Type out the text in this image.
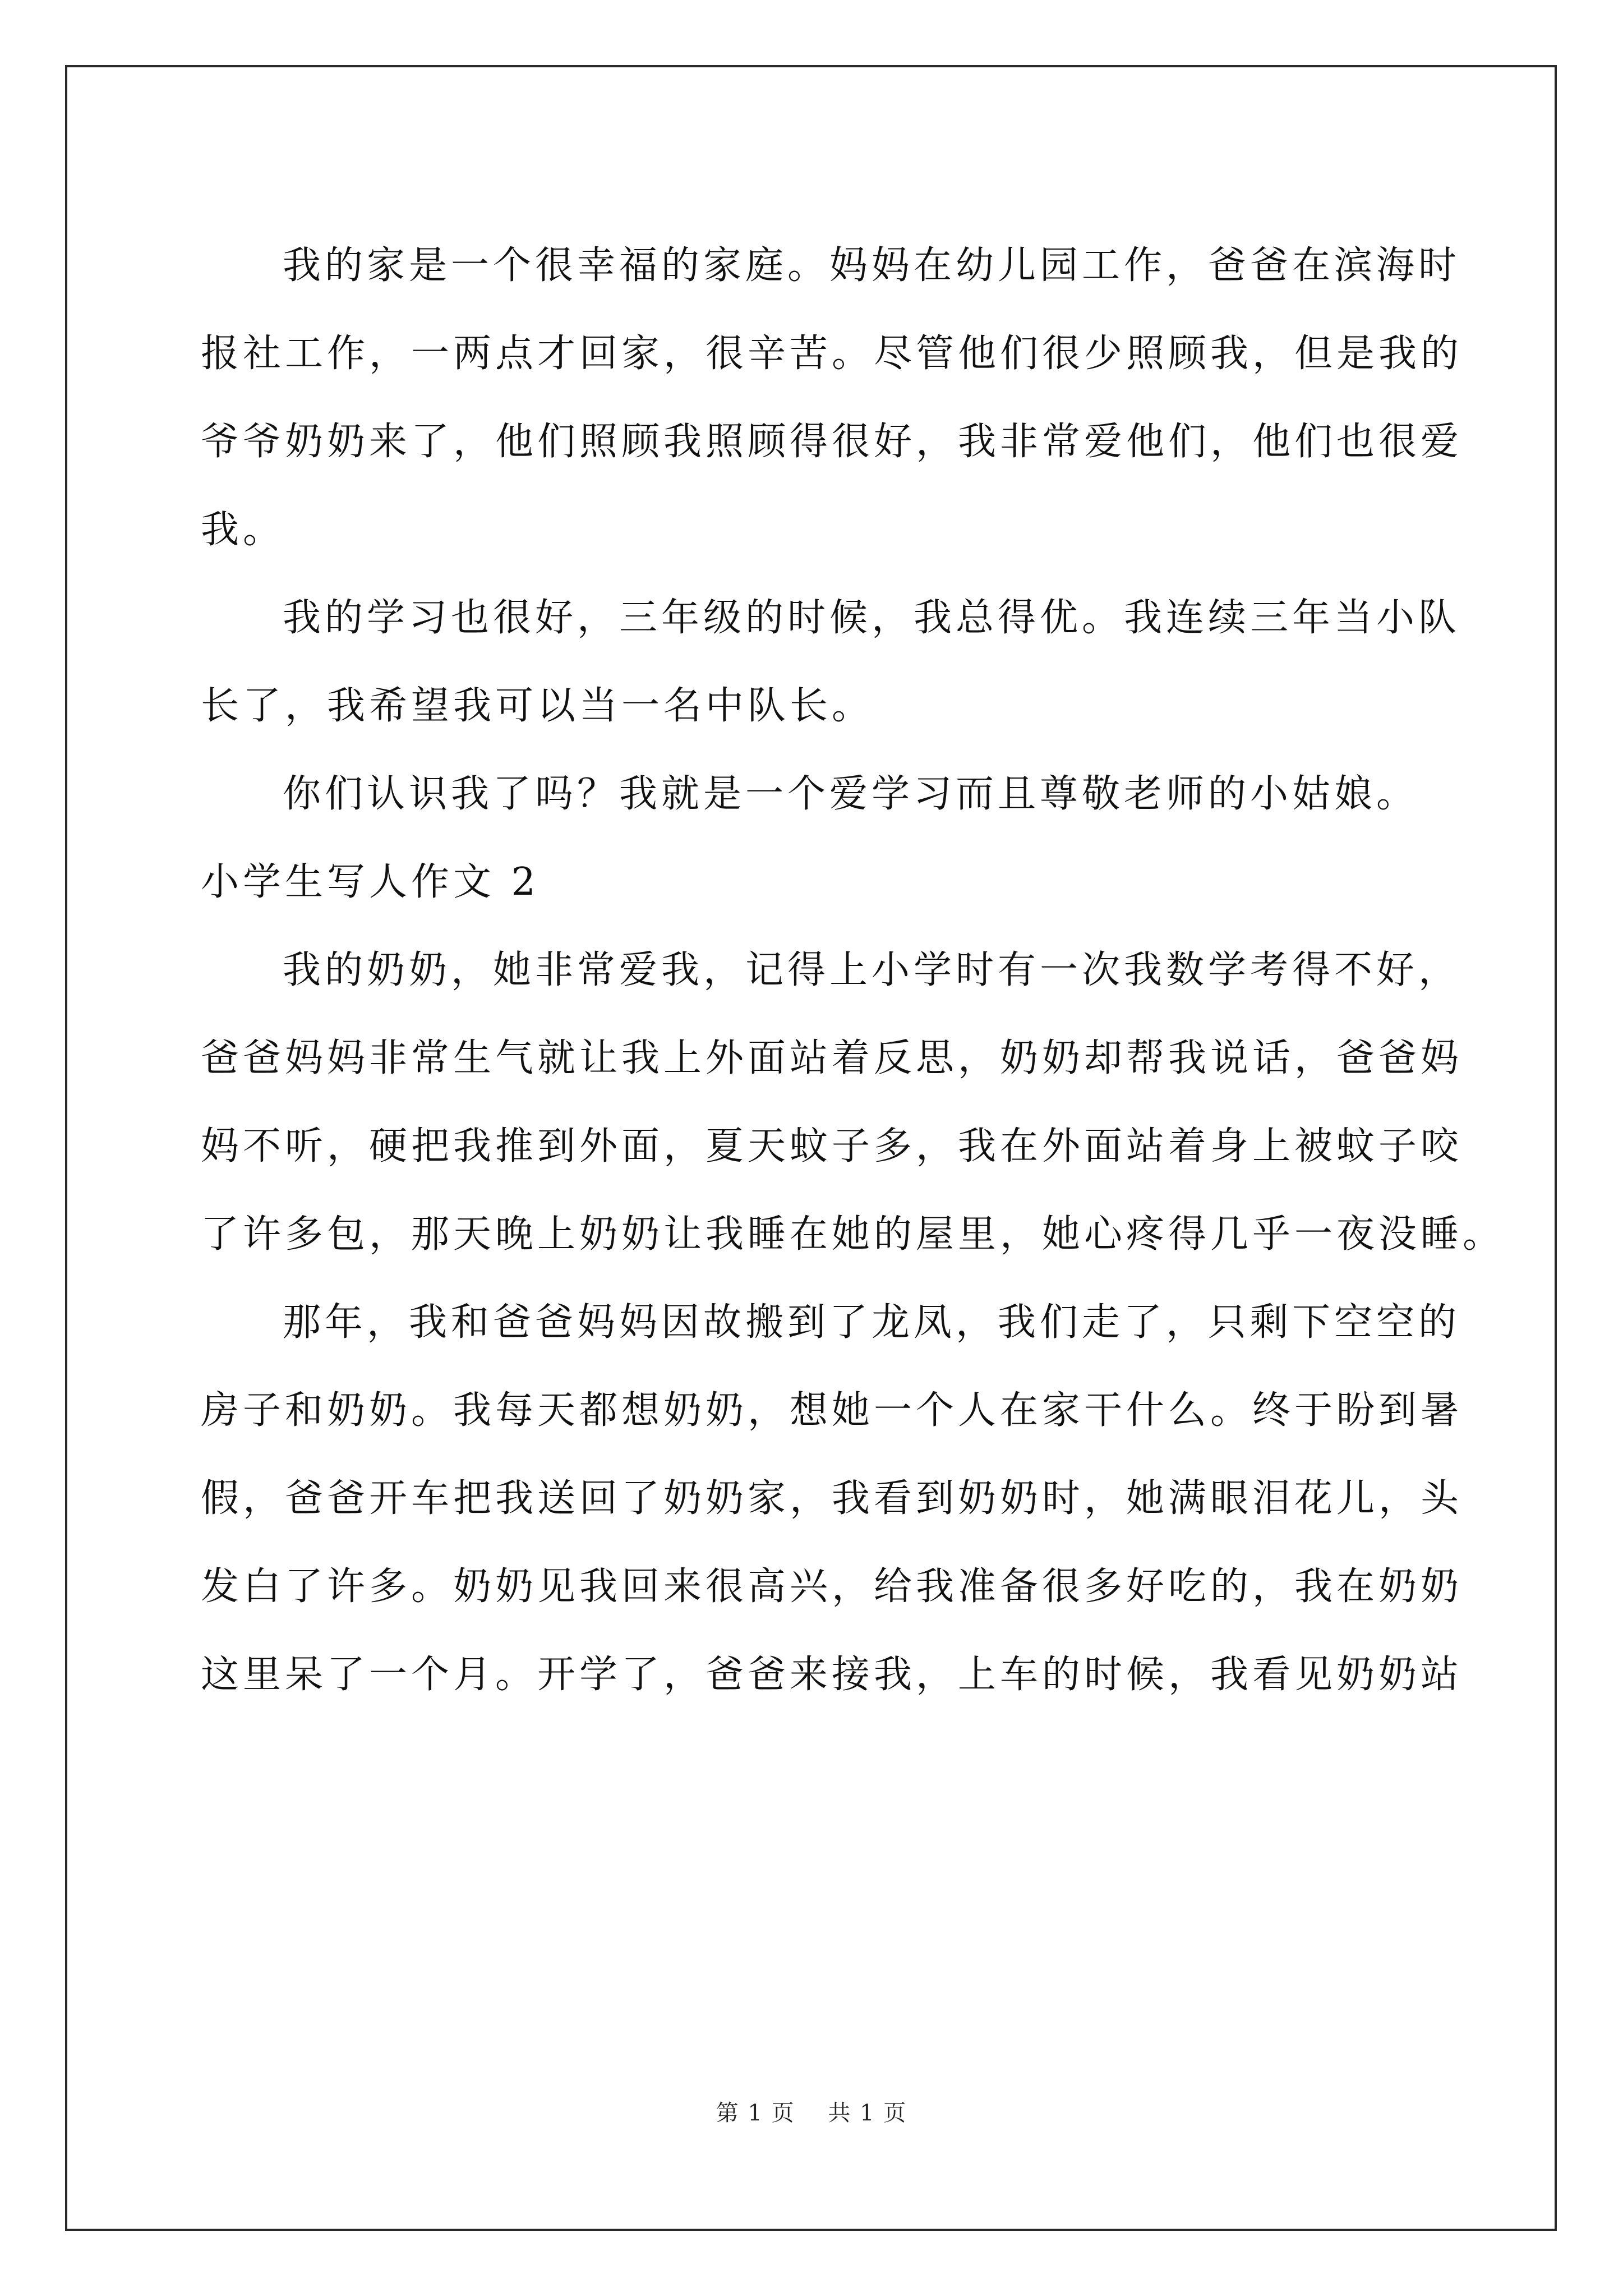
我的家是一个很幸福的家庭。妈妈在幼儿园工作，爸爸在滨海时
报社工作，一两点才回家，很辛苦。尽管他们很少照顾我，但是我的
爷爷奶奶来了，他们照顾我照顾得很好，我非常爱他们，他们也很爱
我。
我的学习也很好，三年级的时候，我总得优。我连续三年当小队
长了，我希望我可以当一名中队长。
你们认识我了吗？我就是一个爱学习而且尊敬老师的小姑娘。
小学生写人作文 2
我的奶奶，她非常爱我，记得上小学时有一次我数学考得不好，
爸爸妈妈非常生气就让我上外面站着反思，奶奶却帮我说话，爸爸妈
妈不听，硬把我推到外面，夏天蚊子多，我在外面站着身上被蚊子咬
了许多包，那天晚上奶奶让我睡在她的屋里，她心疼得几乎一夜没睡。
那年，我和爸爸妈妈因故搬到了龙凤，我们走了，只剩下空空的
房子和奶奶。我每天都想奶奶，想她一个人在家干什么。终于盼到暑
假，爸爸开车把我送回了奶奶家，我看到奶奶时，她满眼泪花儿，头
发白了许多。奶奶见我回来很高兴，给我准备很多好吃的，我在奶奶
这里呆了一个月。开学了，爸爸来接我，上车的时候，我看见奶奶站
第 1 页    共 1 页
